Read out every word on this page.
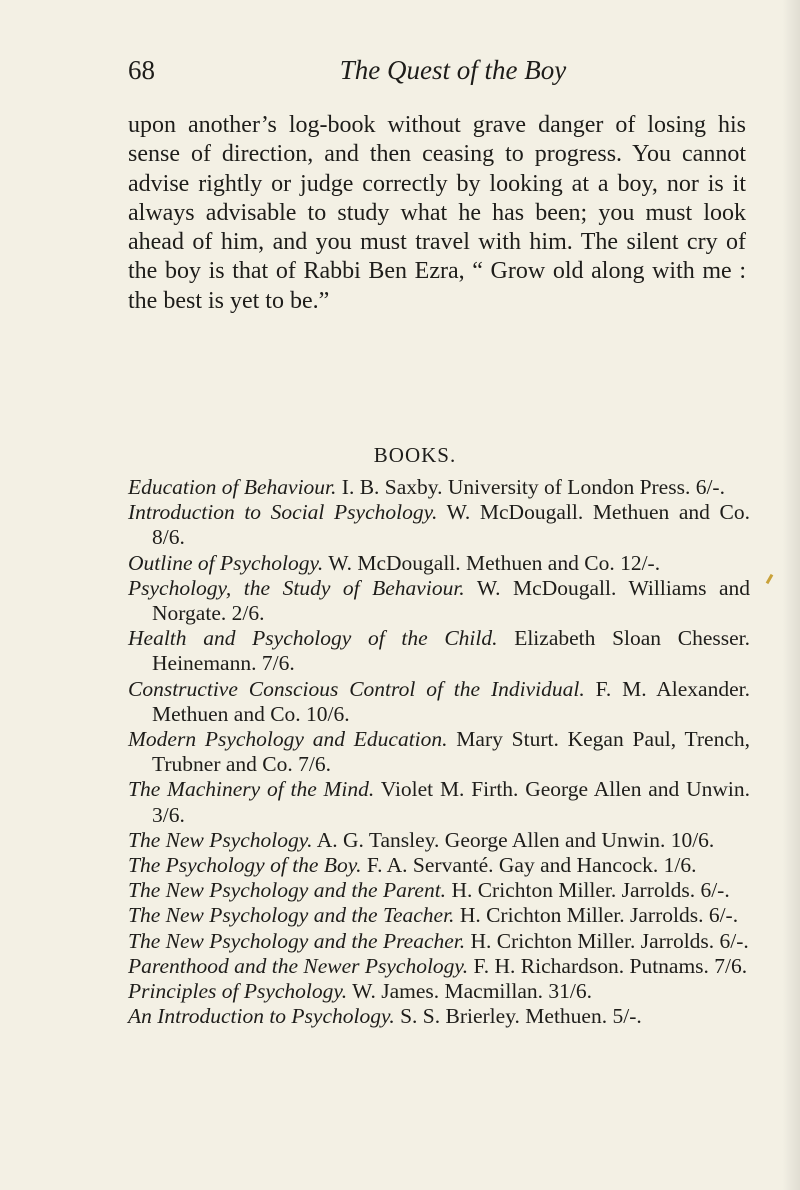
68	The Quest of the Boy

upon another’s log-book without grave danger of losing his sense of direction, and then ceasing to progress. You cannot advise rightly or judge correctly by looking at a boy, nor is it always advisable to study what he has been; you must look ahead of him, and you must travel with him. The silent cry of the boy is that of Rabbi Ben Ezra, “ Grow old along with me : the best is yet to be.”

BOOKS.
Education of Behaviour. I. B. Saxby. University of London Press. 6/-.
Introduction to Social Psychology. W. McDougall. Methuen and Co. 8/6.
Outline of Psychology. W. McDougall. Methuen and Co. 12/-.
Psychology, the Study of Behaviour. W. McDougall. Williams and Norgate. 2/6.
Health and Psychology of the Child. Elizabeth Sloan Chesser. Heinemann. 7/6.
Constructive Conscious Control of the Individual. F. M. Alexander. Methuen and Co. 10/6.
Modern Psychology and Education. Mary Sturt. Kegan Paul, Trench, Trubner and Co. 7/6.
The Machinery of the Mind. Violet M. Firth. George Allen and Unwin. 3/6.
The New Psychology. A. G. Tansley. George Allen and Unwin. 10/6.
The Psychology of the Boy. F. A. Servanté. Gay and Hancock. 1/6.
The New Psychology and the Parent. H. Crichton Miller. Jarrolds. 6/-.
The New Psychology and the Teacher. H. Crichton Miller. Jarrolds. 6/-.
The New Psychology and the Preacher. H. Crichton Miller. Jarrolds. 6/-.
Parenthood and the Newer Psychology. F. H. Richardson. Putnams. 7/6.
Principles of Psychology. W. James. Macmillan. 31/6.
An Introduction to Psychology. S. S. Brierley. Methuen. 5/-.
